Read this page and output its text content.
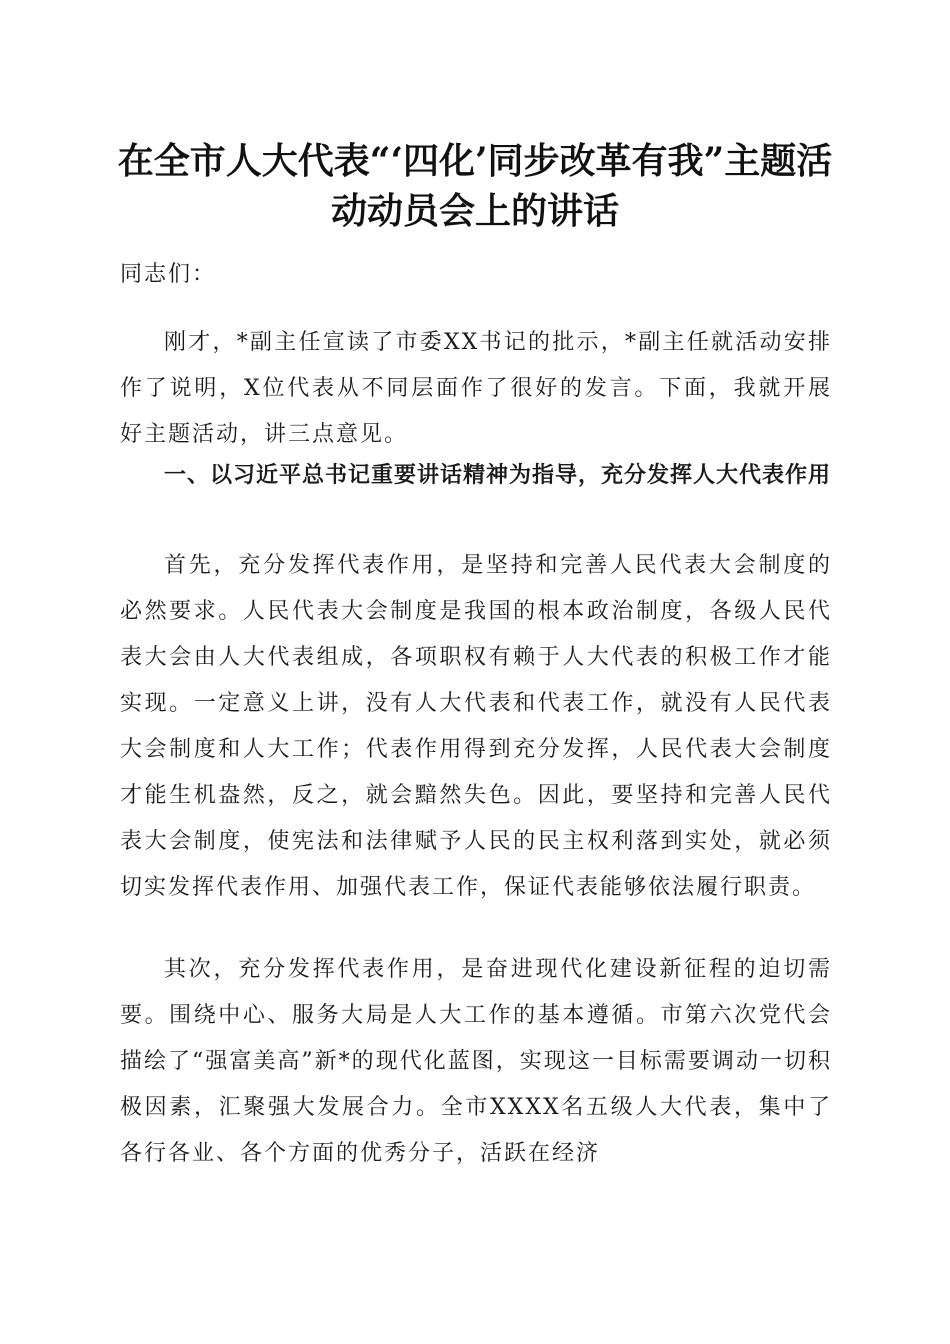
在全市人大代表“‘四化’同步改革有我”主题活动动员会上的讲话

同志们：

刚才，*副主任宣读了市委XX书记的批示，*副主任就活动安排作了说明，X位代表从不同层面作了很好的发言。下面，我就开展好主题活动，讲三点意见。

一、以习近平总书记重要讲话精神为指导，充分发挥人大代表作用

首先，充分发挥代表作用，是坚持和完善人民代表大会制度的必然要求。人民代表大会制度是我国的根本政治制度，各级人民代表大会由人大代表组成，各项职权有赖于人大代表的积极工作才能实现。一定意义上讲，没有人大代表和代表工作，就没有人民代表大会制度和人大工作；代表作用得到充分发挥，人民代表大会制度才能生机盎然，反之，就会黯然失色。因此，要坚持和完善人民代表大会制度，使宪法和法律赋予人民的民主权利落到实处，就必须切实发挥代表作用、加强代表工作，保证代表能够依法履行职责。

其次，充分发挥代表作用，是奋进现代化建设新征程的迫切需要。围绕中心、服务大局是人大工作的基本遵循。市第六次党代会描绘了“强富美高”新*的现代化蓝图，实现这一目标需要调动一切积极因素，汇聚强大发展合力。全市XXXX名五级人大代表，集中了各行各业、各个方面的优秀分子，活跃在经济
